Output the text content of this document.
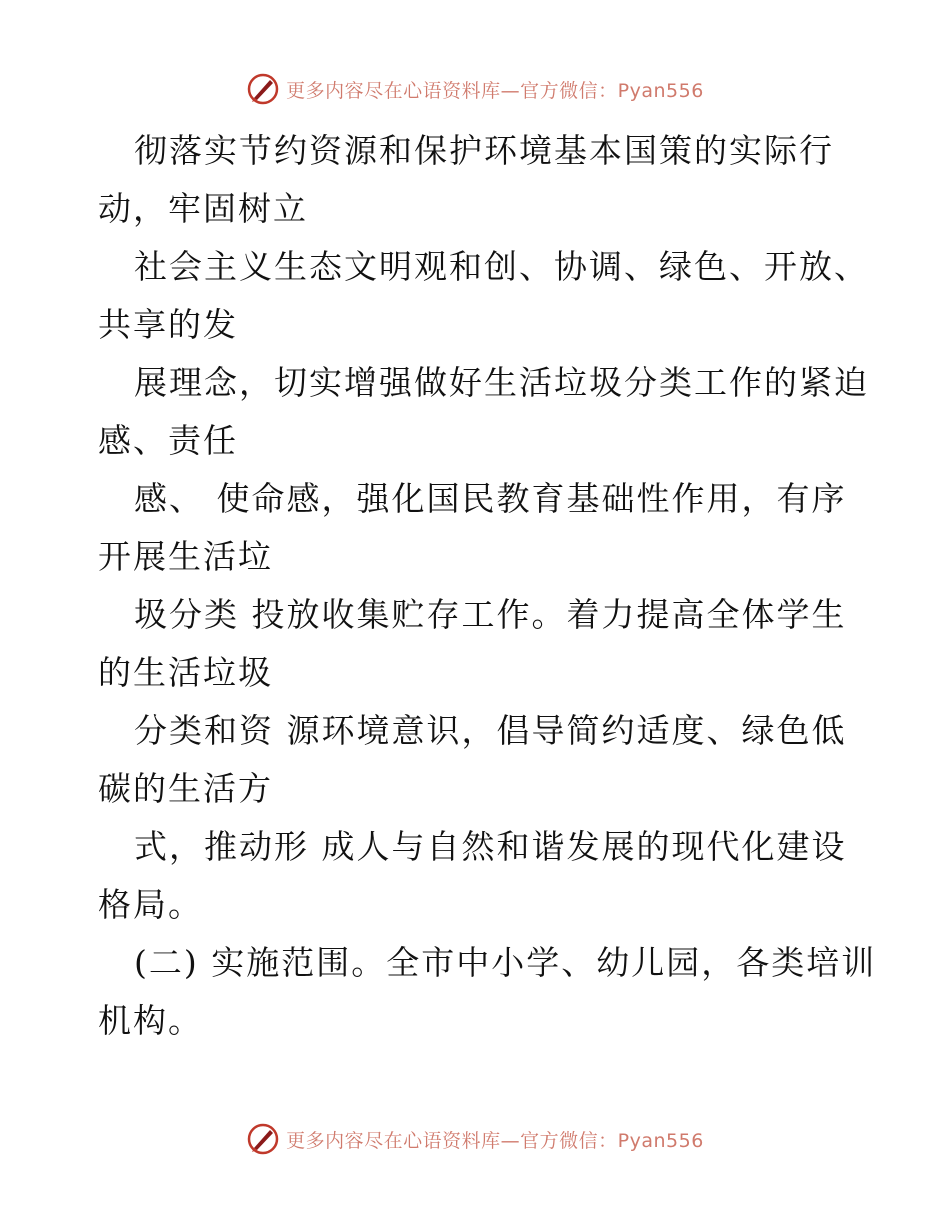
更多内容尽在心语资料库—官方微信：Pyan556
彻落实节约资源和保护环境基本国策的实际行
动，牢固树立
社会主义生态文明观和创、协调、绿色、开放、
共享的发
展理念，切实增强做好生活垃圾分类工作的紧迫
感、责任
感、 使命感，强化国民教育基础性作用，有序
开展生活垃
圾分类 投放收集贮存工作。着力提高全体学生
的生活垃圾
分类和资 源环境意识，倡导简约适度、绿色低
碳的生活方
式，推动形 成人与自然和谐发展的现代化建设
格局。
(二) 实施范围。全市中小学、幼儿园，各类培训
机构。
更多内容尽在心语资料库—官方微信：Pyan556
